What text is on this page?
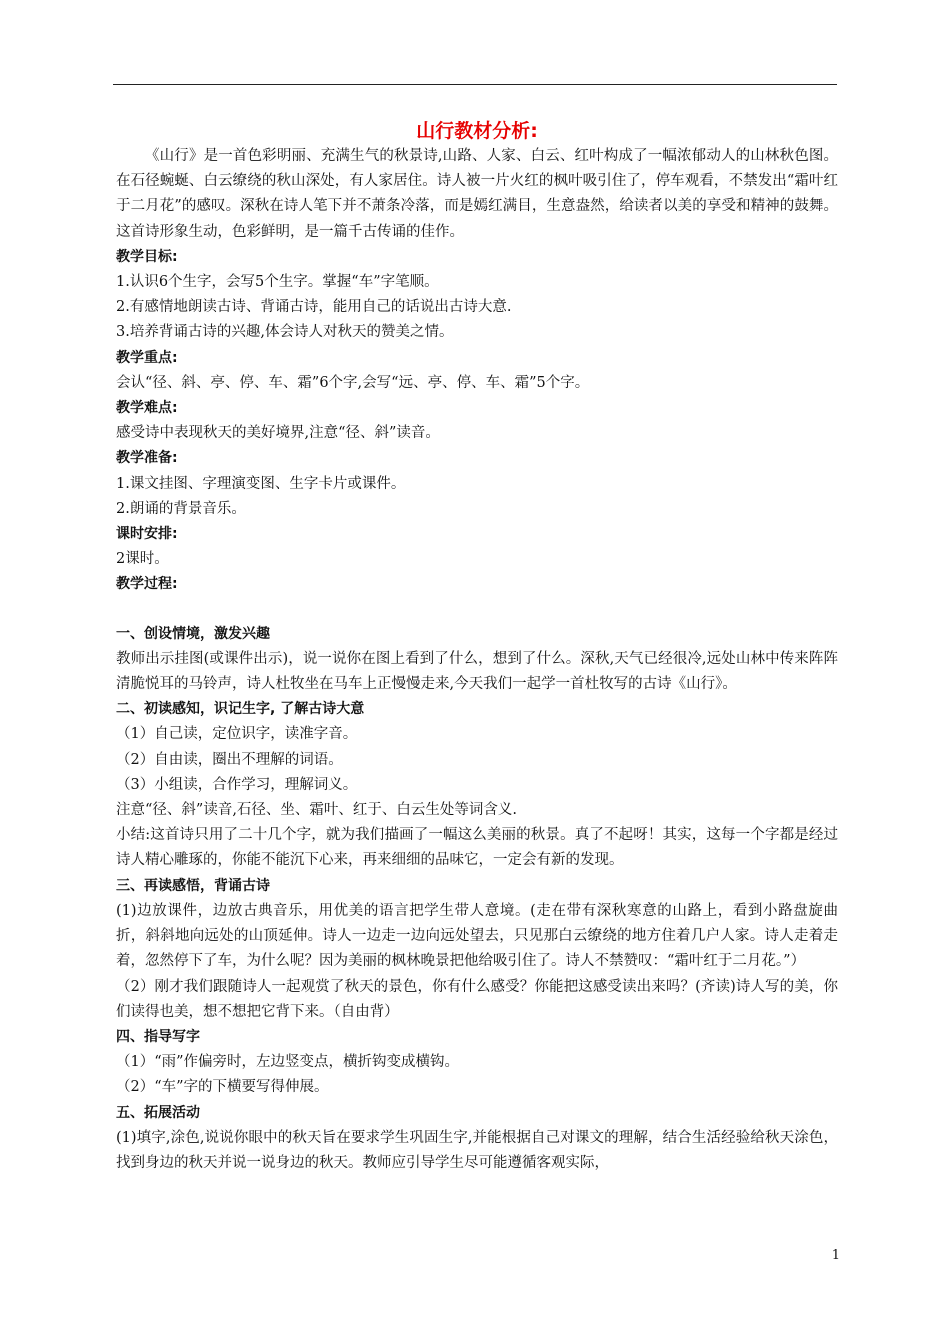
山行教材分析:

《山行》是一首色彩明丽、充满生气的秋景诗,山路、人家、白云、红叶构成了一幅浓郁动人的山林秋色图。在石径蜿蜒、白云缭绕的秋山深处，有人家居住。诗人被一片火红的枫叶吸引住了，停车观看，不禁发出“霜叶红于二月花”的感叹。深秋在诗人笔下并不萧条冷落，而是嫣红满目，生意盎然，给读者以美的享受和精神的鼓舞。这首诗形象生动，色彩鲜明，是一篇千古传诵的佳作。

教学目标:

1.认识6个生字，会写5个生字。掌握“车”字笔顺。

2.有感情地朗读古诗、背诵古诗，能用自己的话说出古诗大意.

3.培养背诵古诗的兴趣,体会诗人对秋天的赞美之情。

教学重点:

会认“径、斜、亭、停、车、霜”6个字,会写“远、亭、停、车、霜”5个字。

教学难点:

感受诗中表现秋天的美好境界,注意“径、斜”读音。

教学准备:

1.课文挂图、字理演变图、生字卡片或课件。

2.朗诵的背景音乐。

课时安排:

2课时。

教学过程:

一、创设情境，激发兴趣

教师出示挂图(或课件出示)，说一说你在图上看到了什么，想到了什么。深秋,天气已经很冷,远处山林中传来阵阵清脆悦耳的马铃声，诗人杜牧坐在马车上正慢慢走来,今天我们一起学一首杜牧写的古诗《山行》。

二、初读感知，识记生字, 了解古诗大意

（1）自己读，定位识字，读准字音。

（2）自由读，圈出不理解的词语。

（3）小组读，合作学习，理解词义。

注意“径、斜”读音,石径、坐、霜叶、红于、白云生处等词含义.

小结:这首诗只用了二十几个字，就为我们描画了一幅这么美丽的秋景。真了不起呀！其实，这每一个字都是经过诗人精心雕琢的，你能不能沉下心来，再来细细的品味它，一定会有新的发现。

三、再读感悟，背诵古诗

(1)边放课件，边放古典音乐，用优美的语言把学生带人意境。(走在带有深秋寒意的山路上，看到小路盘旋曲折，斜斜地向远处的山顶延伸。诗人一边走一边向远处望去，只见那白云缭绕的地方住着几户人家。诗人走着走着，忽然停下了车，为什么呢？因为美丽的枫林晚景把他给吸引住了。诗人不禁赞叹：“霜叶红于二月花。”）

（2）刚才我们跟随诗人一起观赏了秋天的景色，你有什么感受？你能把这感受读出来吗？(齐读)诗人写的美，你们读得也美，想不想把它背下来。（自由背）

四、指导写字

（1）“雨”作偏旁时，左边竖变点，横折钩变成横钩。

（2）“车”字的下横要写得伸展。

五、拓展活动

(1)填字,涂色,说说你眼中的秋天旨在要求学生巩固生字,并能根据自己对课文的理解，结合生活经验给秋天涂色，找到身边的秋天并说一说身边的秋天。教师应引导学生尽可能遵循客观实际，

1
